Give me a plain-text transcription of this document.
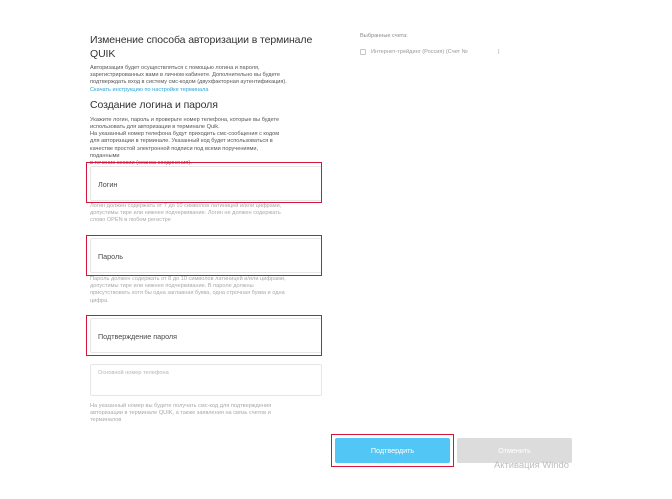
Изменение способа авторизации в терминале QUIK
Авторизация будет осуществляться с помощью логина и пароля,
зарегистрированных вами в личном кабинете. Дополнительно вы будете
подтверждать вход в систему смс-кодом (двухфакторная аутентификация).
Скачать инструкцию по настройке терминала
Создание логина и пароля
Укажите логин, пароль и проверьте номер телефона, которые вы будете
использовать для авторизации в терминале Quik.
На указанный номер телефона будут приходить смс-сообщения с кодом
для авторизации в терминале. Указанный код будет использоваться в
качестве простой электронной подписи под всеми поручениями,
поданными
в течение сессии (сеанса соединения).
Логин
Логин должен содержать от 7 до 10 символов латиницей и/или цифрами,
допустимы тире или нижнее подчеркивание. Логин не должен содержать
слово OPEN в любом регистре
Пароль
Пароль должен содержать от 8 до 10 символов латиницей и/или цифрами,
допустимы тире или нижнее подчеркивание. В пароле должны
присутствовать хотя бы одна заглавная буква, одна строчная буква и одна
цифра.
Подтверждение пароля
Основной номер телефона
На указанный номер вы будете получать смс-код для подтверждения
авторизации в терминале QUIK, а также заявления на связь счетов и
терминалов
Выбранные счета:
Интернет-трейдинг (Россия) (Счет №	)
Подтвердить	Отменить
Активация Windo
